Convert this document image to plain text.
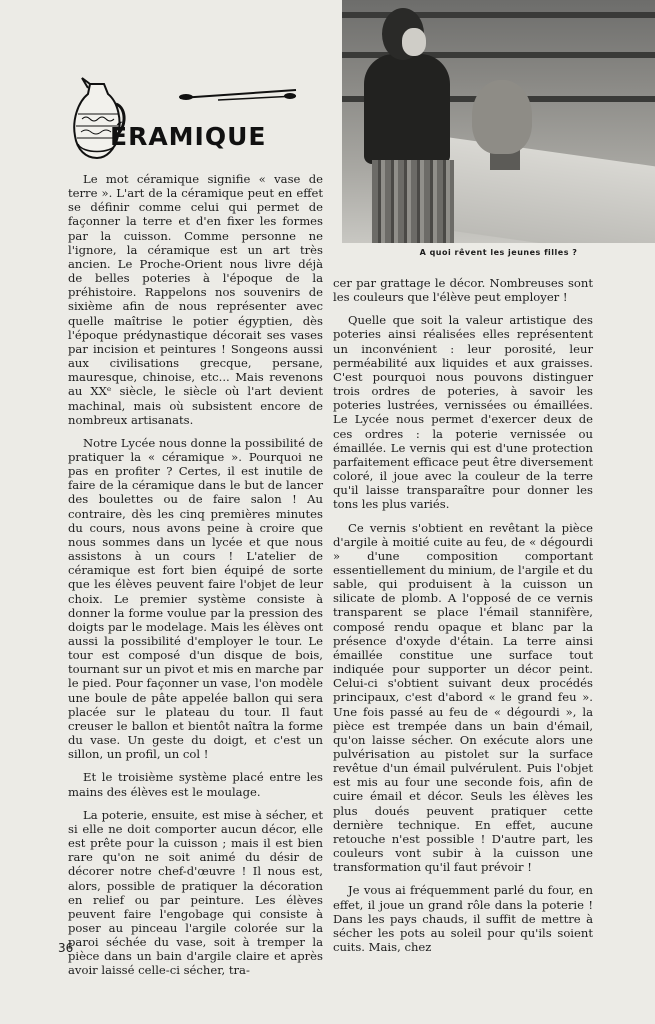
A quoi rêvent les jeunes filles ?
ÉRAMIQUE

Le mot céramique signifie « vase de terre ». L'art de la céramique peut en effet se définir comme celui qui permet de façonner la terre et d'en fixer les formes par la cuisson. Comme personne ne l'ignore, la céramique est un art très ancien. Le Proche-Orient nous livre déjà de belles poteries à l'époque de la préhistoire. Rappelons nos souvenirs de sixième afin de nous représenter avec quelle maîtrise le potier égyptien, dès l'époque prédynastique décorait ses vases par incision et peintures ! Songeons aussi aux civilisations grecque, persane, mauresque, chinoise, etc... Mais revenons au XXᵉ siècle, le siècle où l'art devient machinal, mais où subsistent encore de nombreux artisanats.

Notre Lycée nous donne la possibilité de pratiquer la « céramique ». Pourquoi ne pas en profiter ? Certes, il est inutile de faire de la céramique dans le but de lancer des boulettes ou de faire salon ! Au contraire, dès les cinq premières minutes du cours, nous avons peine à croire que nous sommes dans un lycée et que nous assistons à un cours ! L'atelier de céramique est fort bien équipé de sorte que les élèves peuvent faire l'objet de leur choix. Le premier système consiste à donner la forme voulue par la pression des doigts par le modelage. Mais les élèves ont aussi la possibilité d'employer le tour. Le tour est composé d'un disque de bois, tournant sur un pivot et mis en marche par le pied. Pour façonner un vase, l'on modèle une boule de pâte appelée ballon qui sera placée sur le plateau du tour. Il faut creuser le ballon et bientôt naîtra la forme du vase. Un geste du doigt, et c'est un sillon, un profil, un col !

Et le troisième système placé entre les mains des élèves est le moulage.

La poterie, ensuite, est mise à sécher, et si elle ne doit comporter aucun décor, elle est prête pour la cuisson ; mais il est bien rare qu'on ne soit animé du désir de décorer notre chef-d'œuvre ! Il nous est, alors, possible de pratiquer la décoration en relief ou par peinture. Les élèves peuvent faire l'engobage qui consiste à poser au pinceau l'argile colorée sur la paroi séchée du vase, soit à tremper la pièce dans un bain d'argile claire et après avoir laissé celle-ci sécher, tra-

cer par grattage le décor. Nombreuses sont les couleurs que l'élève peut employer !

Quelle que soit la valeur artistique des poteries ainsi réalisées elles représentent un inconvénient : leur porosité, leur perméabilité aux liquides et aux graisses. C'est pourquoi nous pouvons distinguer trois ordres de poteries, à savoir les poteries lustrées, vernissées ou émaillées. Le Lycée nous permet d'exercer deux de ces ordres : la poterie vernissée ou émaillée. Le vernis qui est d'une protection parfaitement efficace peut être diversement coloré, il joue avec la couleur de la terre qu'il laisse transparaître pour donner les tons les plus variés.

Ce vernis s'obtient en revêtant la pièce d'argile à moitié cuite au feu, de « dégourdi » d'une composition comportant essentiellement du minium, de l'argile et du sable, qui produisent à la cuisson un silicate de plomb. A l'opposé de ce vernis transparent se place l'émail stannifère, composé rendu opaque et blanc par la présence d'oxyde d'étain. La terre ainsi émaillée constitue une surface tout indiquée pour supporter un décor peint. Celui-ci s'obtient suivant deux procédés principaux, c'est d'abord « le grand feu ». Une fois passé au feu de « dégourdi », la pièce est trempée dans un bain d'émail, qu'on laisse sécher. On exécute alors une pulvérisation au pistolet sur la surface revêtue d'un émail pulvérulent. Puis l'objet est mis au four une seconde fois, afin de cuire émail et décor. Seuls les élèves les plus doués peuvent pratiquer cette dernière technique. En effet, aucune retouche n'est possible ! D'autre part, les couleurs vont subir à la cuisson une transformation qu'il faut prévoir !

Je vous ai fréquemment parlé du four, en effet, il joue un grand rôle dans la poterie ! Dans les pays chauds, il suffit de mettre à sécher les pots au soleil pour qu'ils soient cuits. Mais, chez

36
